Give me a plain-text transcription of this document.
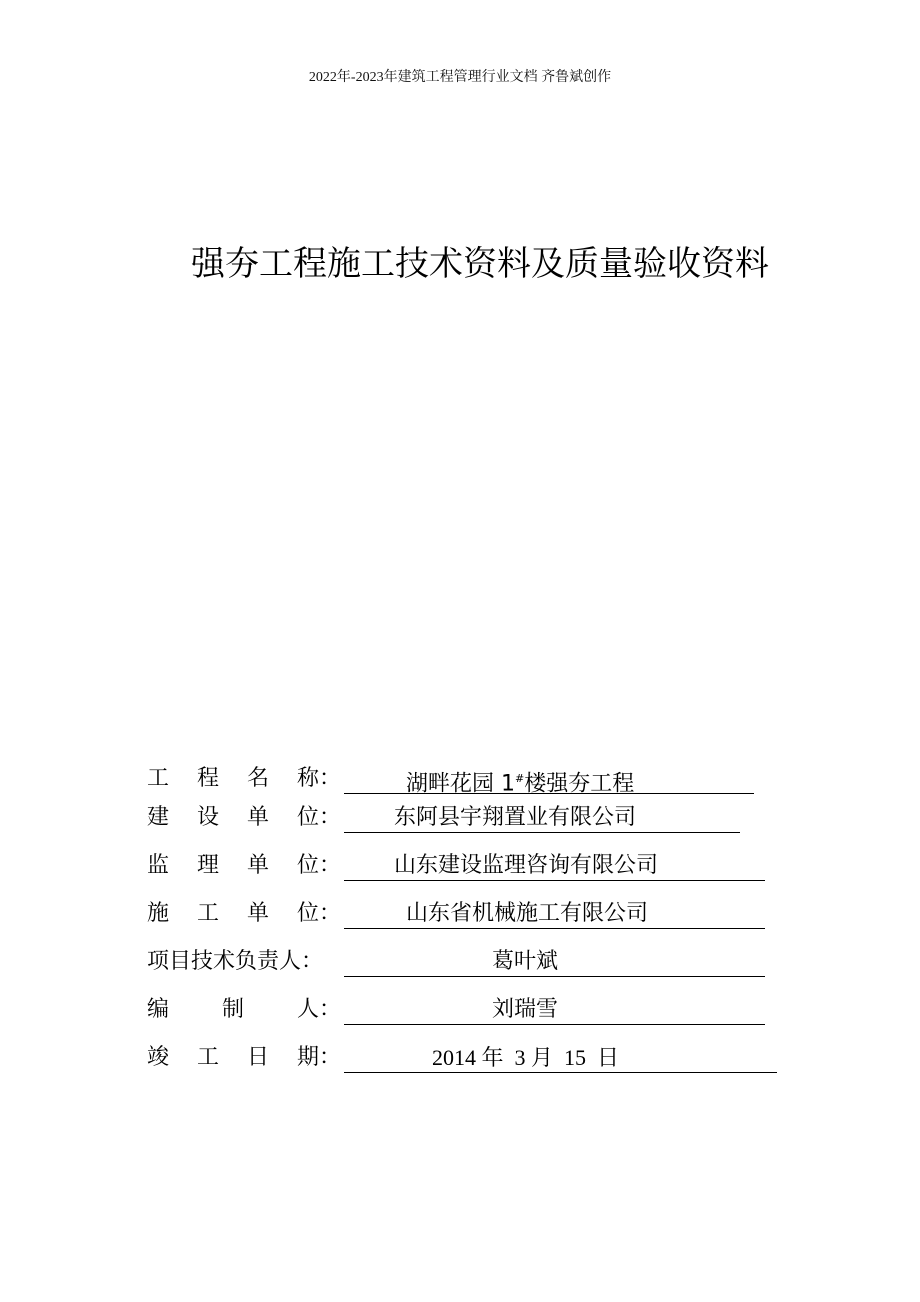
2022年-2023年建筑工程管理行业文档 齐鲁斌创作
强夯工程施工技术资料及质量验收资料
工 程 名 称：	湖畔花园 1#楼强夯工程
建 设 单 位： 东阿县宇翔置业有限公司
监 理 单 位： 山东建设监理咨询有限公司
施 工 单 位：	山东省机械施工有限公司
项目技术负责人：	葛叶斌
编 制 人：	刘瑞雪
竣 工 日 期：	2014 年  3 月  15  日
